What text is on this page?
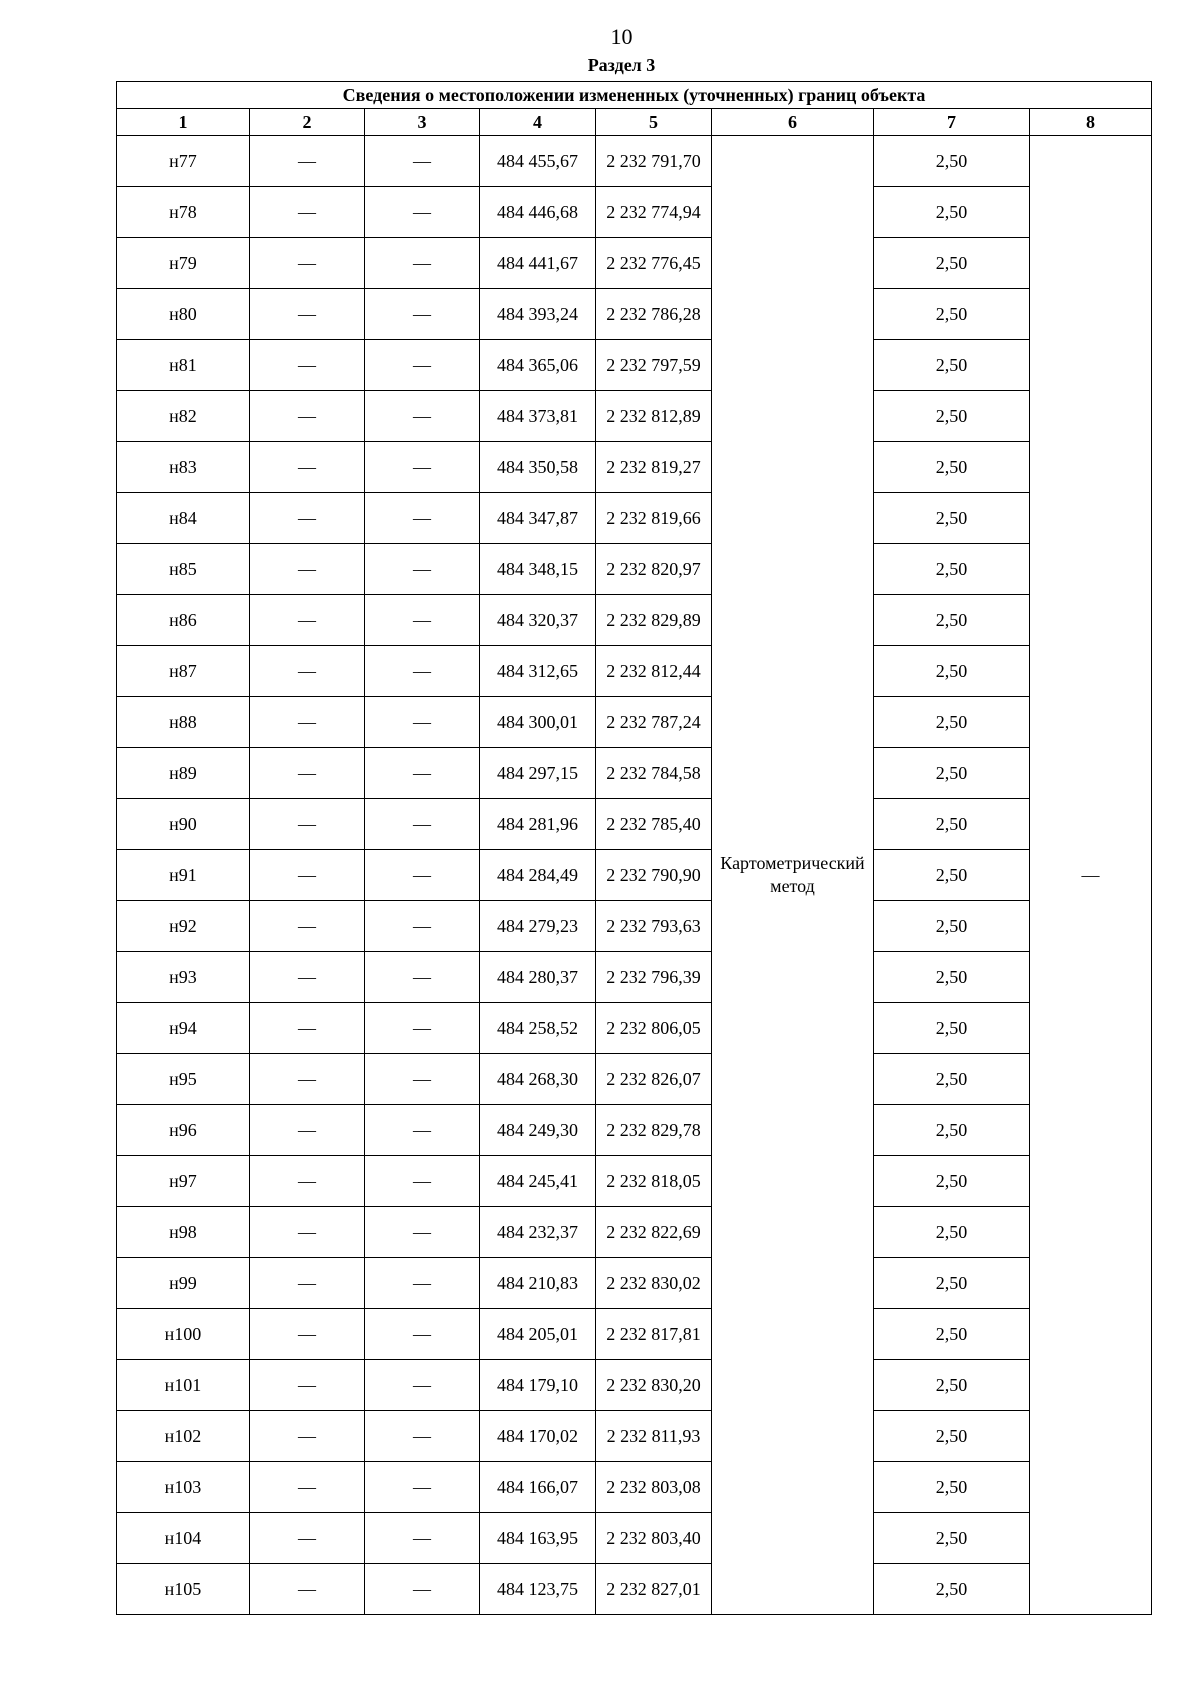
10
Раздел 3
Сведения о местоположении измененных (уточненных) границ объекта							
1	2	3	4	5	6	7	8
н77	—	—	484 455,67	2 232 791,70	Картометрический метод	2,50	—
н78	—	—	484 446,68	2 232 774,94		2,50	
н79	—	—	484 441,67	2 232 776,45		2,50	
н80	—	—	484 393,24	2 232 786,28		2,50	
н81	—	—	484 365,06	2 232 797,59		2,50	
н82	—	—	484 373,81	2 232 812,89		2,50	
н83	—	—	484 350,58	2 232 819,27		2,50	
н84	—	—	484 347,87	2 232 819,66		2,50	
н85	—	—	484 348,15	2 232 820,97		2,50	
н86	—	—	484 320,37	2 232 829,89		2,50	
н87	—	—	484 312,65	2 232 812,44		2,50	
н88	—	—	484 300,01	2 232 787,24		2,50	
н89	—	—	484 297,15	2 232 784,58		2,50	
н90	—	—	484 281,96	2 232 785,40		2,50	
н91	—	—	484 284,49	2 232 790,90		2,50	
н92	—	—	484 279,23	2 232 793,63		2,50	
н93	—	—	484 280,37	2 232 796,39		2,50	
н94	—	—	484 258,52	2 232 806,05		2,50	
н95	—	—	484 268,30	2 232 826,07		2,50	
н96	—	—	484 249,30	2 232 829,78		2,50	
н97	—	—	484 245,41	2 232 818,05		2,50	
н98	—	—	484 232,37	2 232 822,69		2,50	
н99	—	—	484 210,83	2 232 830,02		2,50	
н100	—	—	484 205,01	2 232 817,81		2,50	
н101	—	—	484 179,10	2 232 830,20		2,50	
н102	—	—	484 170,02	2 232 811,93		2,50	
н103	—	—	484 166,07	2 232 803,08		2,50	
н104	—	—	484 163,95	2 232 803,40		2,50	
н105	—	—	484 123,75	2 232 827,01		2,50	
